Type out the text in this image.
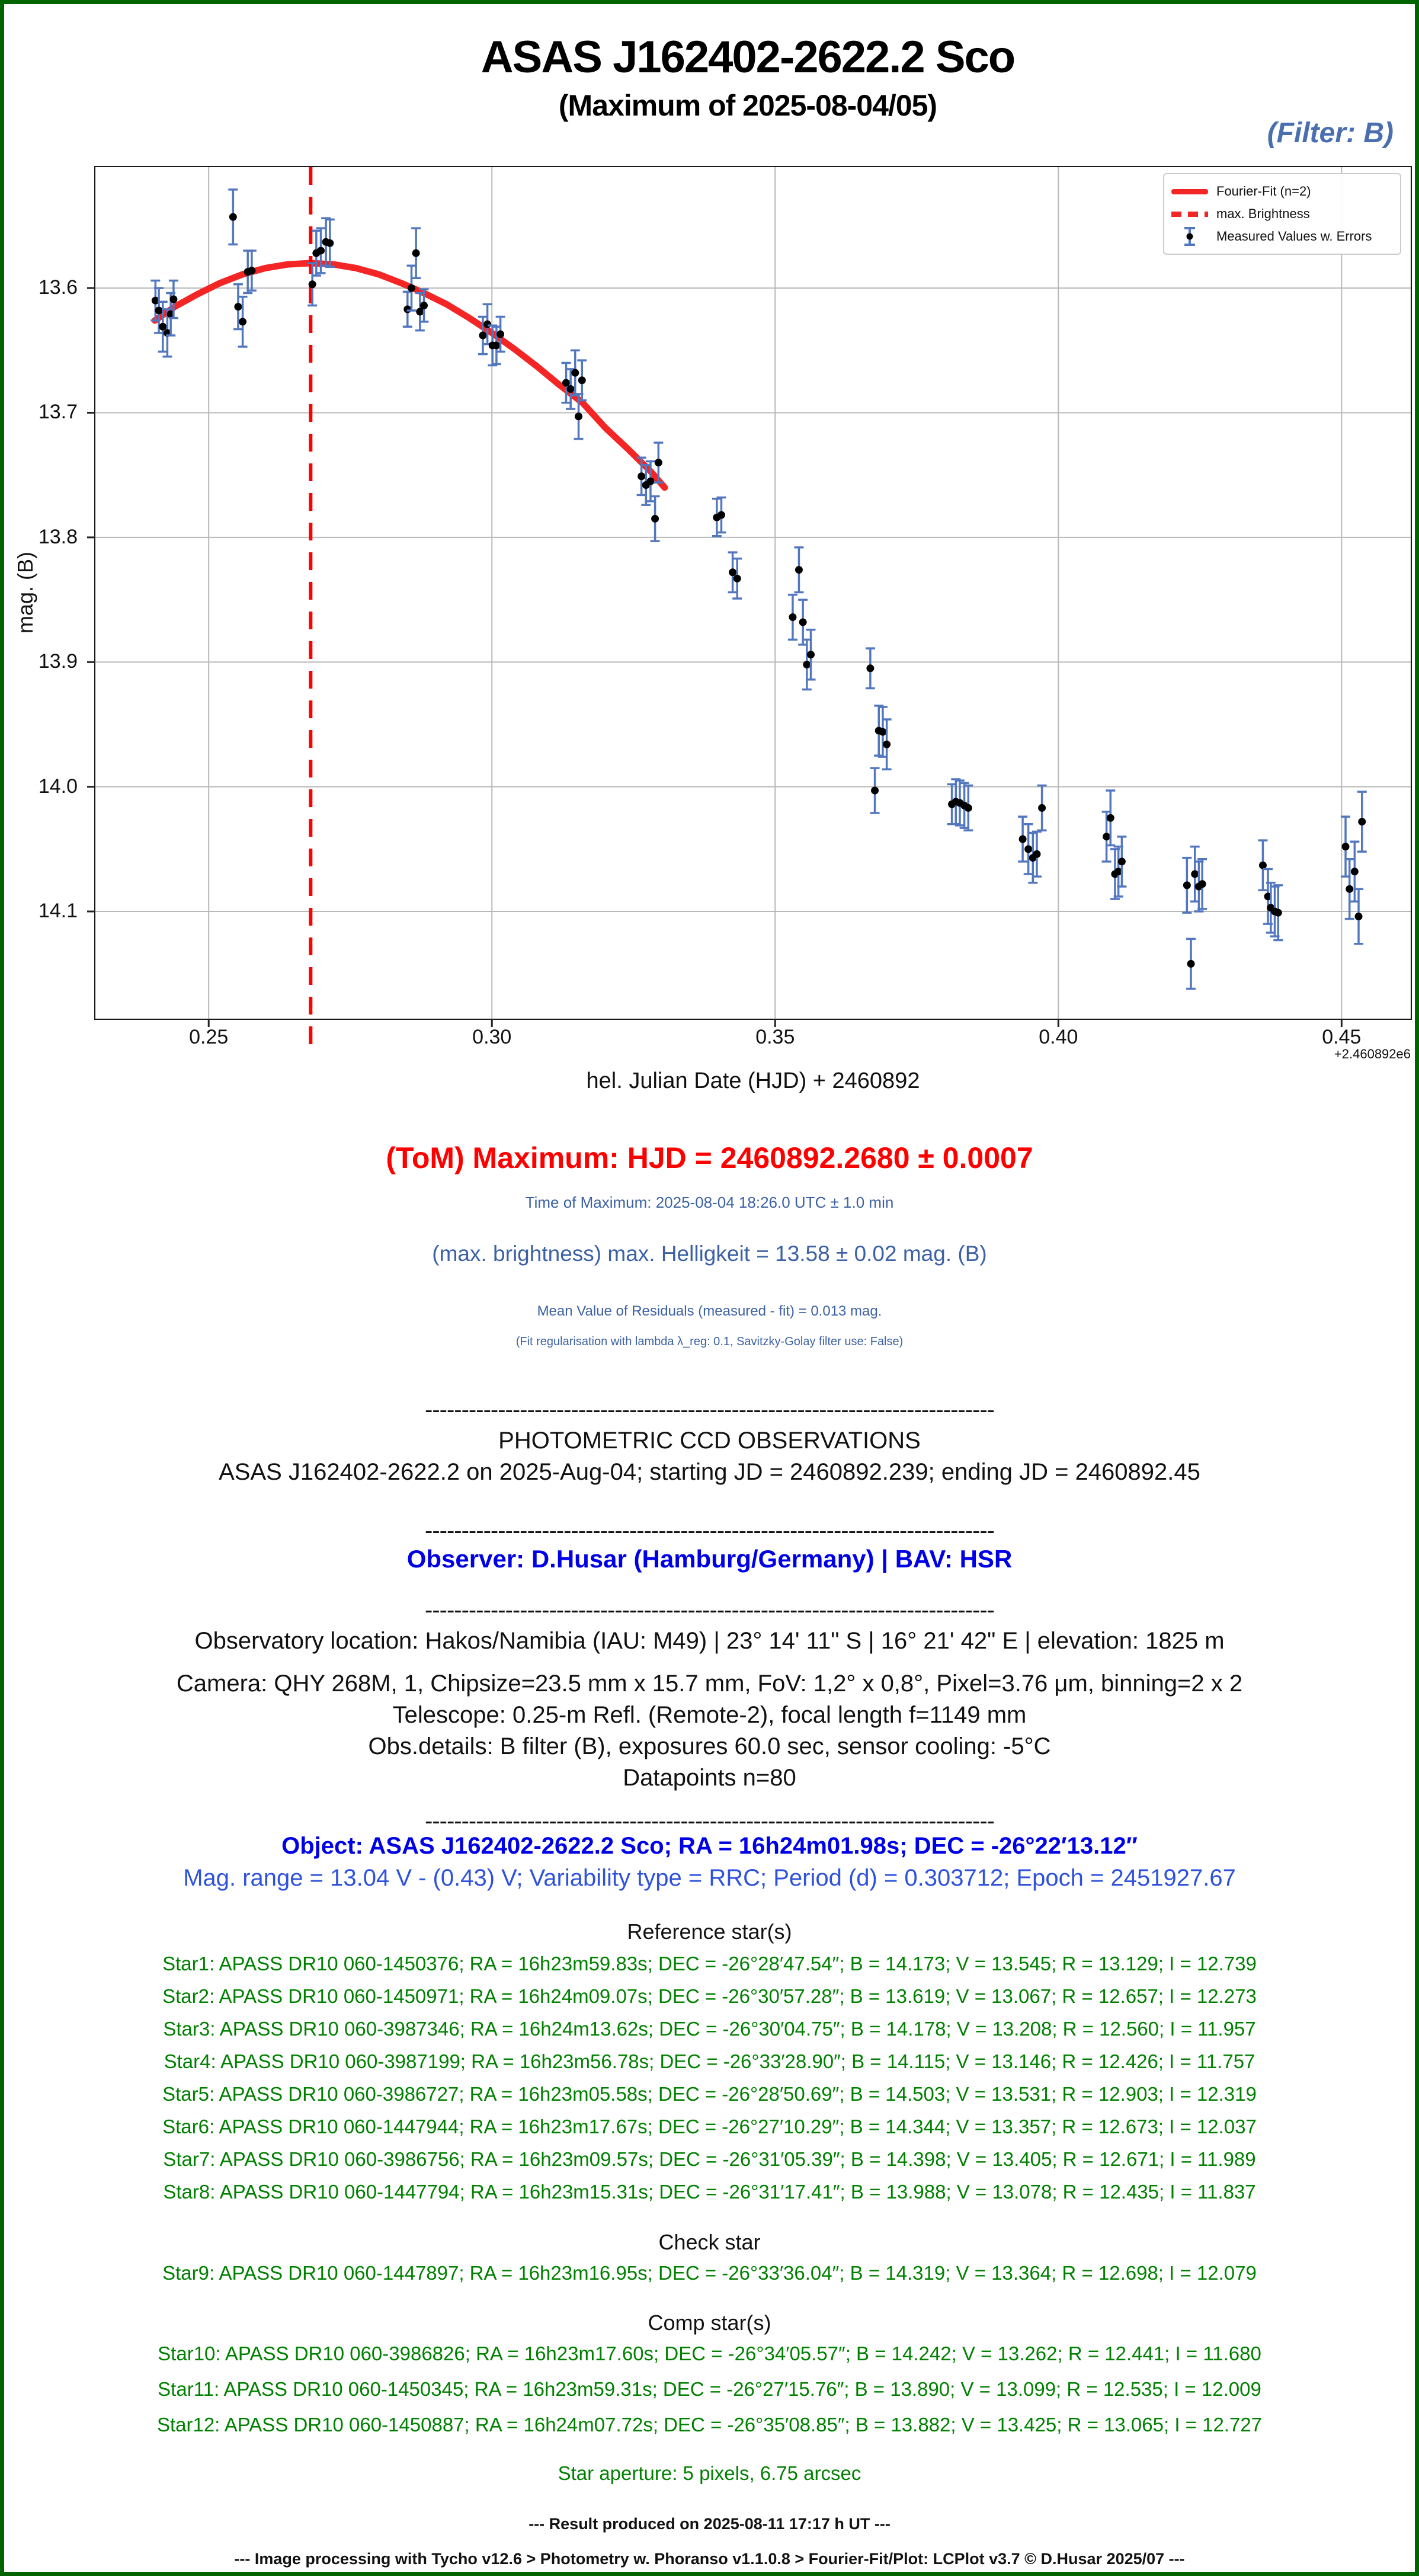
ASAS J162402-2622.2 Sco
(Maximum of 2025-08-04/05)
(Filter: B)
mag. (B)
hel. Julian Date (HJD) + 2460892
+2.460892e6
Fourier-Fit (n=2)
max. Brightness
Measured Values w. Errors
0.25	0.30	0.35	0.40	0.45
13.6
13.7
13.8
13.9
14.0
14.1
(ToM) Maximum: HJD = 2460892.2680 ± 0.0007
Time of Maximum: 2025-08-04 18:26.0 UTC ± 1.0 min
(max. brightness) max. Helligkeit = 13.58 ± 0.02 mag. (B)
Mean Value of Residuals (measured - fit) = 0.013 mag.
(Fit regularisation with lambda λ_reg: 0.1, Savitzky-Golay filter use: False)
------------------------------------------------------------------------------
PHOTOMETRIC CCD OBSERVATIONS
ASAS J162402-2622.2 on 2025-Aug-04; starting JD = 2460892.239; ending JD = 2460892.45
------------------------------------------------------------------------------
Observer: D.Husar (Hamburg/Germany) | BAV: HSR
------------------------------------------------------------------------------
Observatory location: Hakos/Namibia (IAU: M49) | 23° 14' 11" S | 16° 21' 42" E | elevation: 1825 m
Camera: QHY 268M, 1, Chipsize=23.5 mm x 15.7 mm, FoV: 1,2° x 0,8°, Pixel=3.76 μm, binning=2 x 2
Telescope: 0.25-m Refl. (Remote-2), focal length f=1149 mm
Obs.details: B filter (B), exposures 60.0 sec, sensor cooling: -5°C
Datapoints n=80
------------------------------------------------------------------------------
Object: ASAS J162402-2622.2 Sco; RA = 16h24m01.98s; DEC = -26°22′13.12″
Mag. range = 13.04 V - (0.43) V; Variability type = RRC; Period (d) = 0.303712; Epoch = 2451927.67
Reference star(s)
Star1: APASS DR10 060-1450376; RA = 16h23m59.83s; DEC = -26°28′47.54″; B = 14.173; V = 13.545; R = 13.129; I = 12.739
Star2: APASS DR10 060-1450971; RA = 16h24m09.07s; DEC = -26°30′57.28″; B = 13.619; V = 13.067; R = 12.657; I = 12.273
Star3: APASS DR10 060-3987346; RA = 16h24m13.62s; DEC = -26°30′04.75″; B = 14.178; V = 13.208; R = 12.560; I = 11.957
Star4: APASS DR10 060-3987199; RA = 16h23m56.78s; DEC = -26°33′28.90″; B = 14.115; V = 13.146; R = 12.426; I = 11.757
Star5: APASS DR10 060-3986727; RA = 16h23m05.58s; DEC = -26°28′50.69″; B = 14.503; V = 13.531; R = 12.903; I = 12.319
Star6: APASS DR10 060-1447944; RA = 16h23m17.67s; DEC = -26°27′10.29″; B = 14.344; V = 13.357; R = 12.673; I = 12.037
Star7: APASS DR10 060-3986756; RA = 16h23m09.57s; DEC = -26°31′05.39″; B = 14.398; V = 13.405; R = 12.671; I = 11.989
Star8: APASS DR10 060-1447794; RA = 16h23m15.31s; DEC = -26°31′17.41″; B = 13.988; V = 13.078; R = 12.435; I = 11.837
Check star
Star9: APASS DR10 060-1447897; RA = 16h23m16.95s; DEC = -26°33′36.04″; B = 14.319; V = 13.364; R = 12.698; I = 12.079
Comp star(s)
Star10: APASS DR10 060-3986826; RA = 16h23m17.60s; DEC = -26°34′05.57″; B = 14.242; V = 13.262; R = 12.441; I = 11.680
Star11: APASS DR10 060-1450345; RA = 16h23m59.31s; DEC = -26°27′15.76″; B = 13.890; V = 13.099; R = 12.535; I = 12.009
Star12: APASS DR10 060-1450887; RA = 16h24m07.72s; DEC = -26°35′08.85″; B = 13.882; V = 13.425; R = 13.065; I = 12.727
Star aperture: 5 pixels, 6.75 arcsec
--- Result produced on 2025-08-11 17:17 h UT ---
--- Image processing with Tycho v12.6 > Photometry w. Phoranso v1.1.0.8 > Fourier-Fit/Plot: LCPlot v3.7 © D.Husar 2025/07 ---
